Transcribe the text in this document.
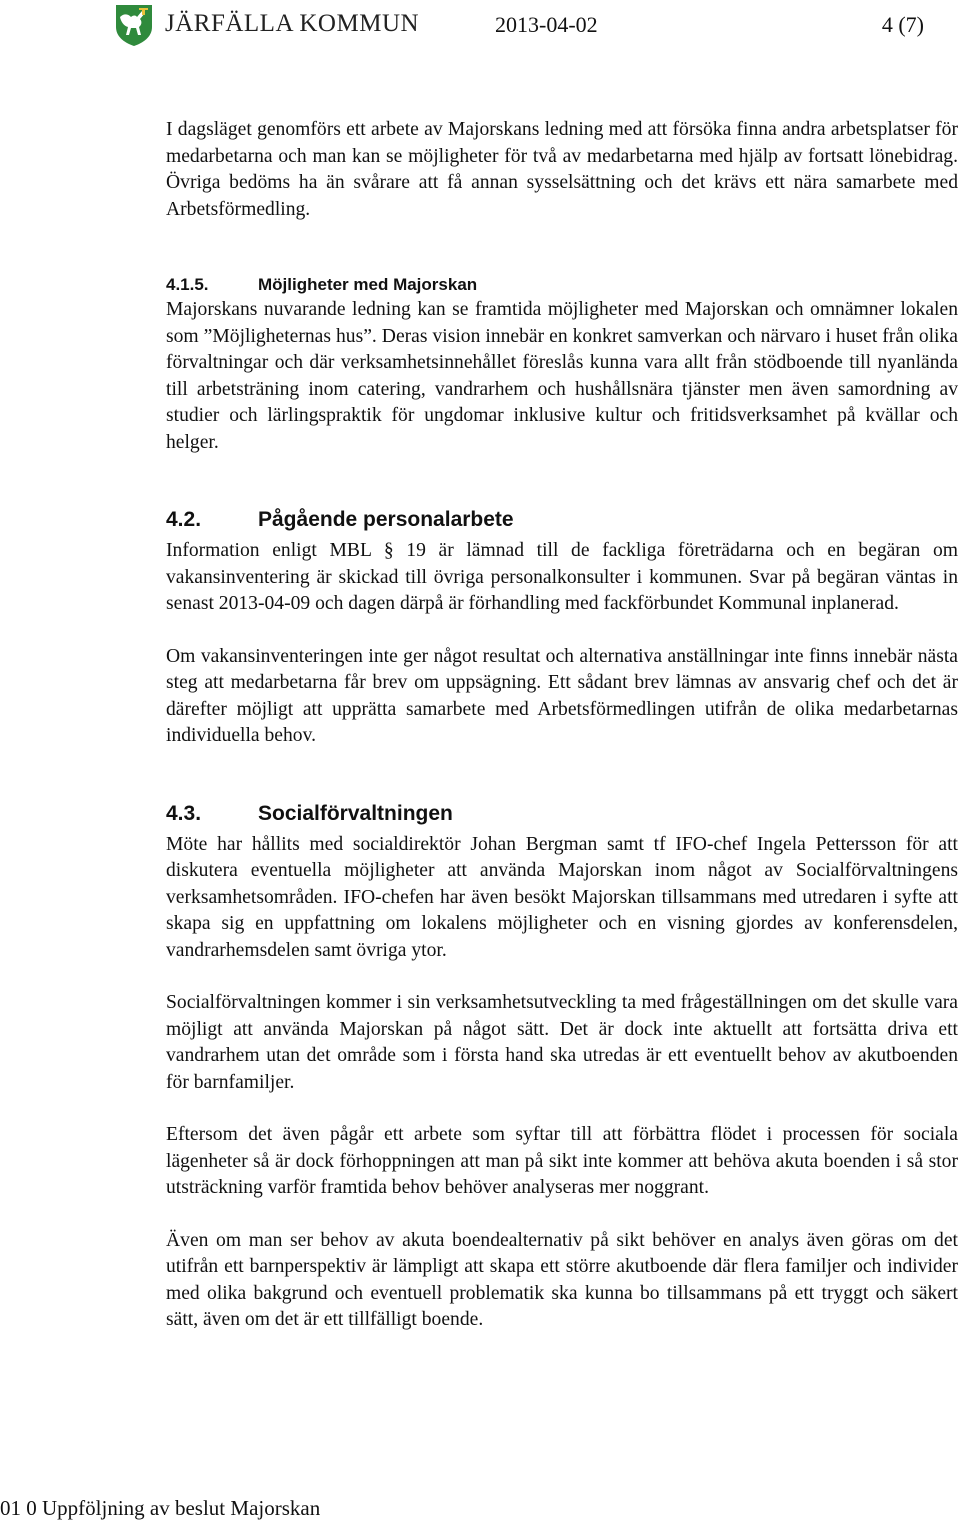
JÄRFÄLLA KOMMUN	2013-04-02	4 (7)

I dagsläget genomförs ett arbete av Majorskans ledning med att försöka finna andra arbetsplatser för medarbetarna och man kan se möjligheter för två av medarbetarna med hjälp av fortsatt lönebidrag. Övriga bedöms ha än svårare att få annan sysselsättning och det krävs ett nära samarbete med Arbetsförmedling.

4.1.5.	Möjligheter med Majorskan

Majorskans nuvarande ledning kan se framtida möjligheter med Majorskan och omnämner lokalen som ”Möjligheternas hus”. Deras vision innebär en konkret samverkan och närvaro i huset från olika förvaltningar och där verksamhetsinnehållet föreslås kunna vara allt från stödboende till nyanlända till arbetsträning inom catering, vandrarhem och hushållsnära tjänster men även samordning av studier och lärlingspraktik för ungdomar inklusive kultur och fritidsverksamhet på kvällar och helger.

4.2.	Pågående personalarbete

Information enligt MBL § 19 är lämnad till de fackliga företrädarna och en begäran om vakansinventering är skickad till övriga personalkonsulter i kommunen. Svar på begäran väntas in senast 2013-04-09 och dagen därpå är förhandling med fackförbundet Kommunal inplanerad.

Om vakansinventeringen inte ger något resultat och alternativa anställningar inte finns innebär nästa steg att medarbetarna får brev om uppsägning. Ett sådant brev lämnas av ansvarig chef och det är därefter möjligt att upprätta samarbete med Arbetsförmedlingen utifrån de olika medarbetarnas individuella behov.

4.3.	Socialförvaltningen

Möte har hållits med socialdirektör Johan Bergman samt tf IFO-chef Ingela Pettersson för att diskutera eventuella möjligheter att använda Majorskan inom något av Socialförvaltningens verksamhetsområden. IFO-chefen har även besökt Majorskan tillsammans med utredaren i syfte att skapa sig en uppfattning om lokalens möjligheter och en visning gjordes av konferensdelen, vandrarhemsdelen samt övriga ytor.

Socialförvaltningen kommer i sin verksamhetsutveckling ta med frågeställningen om det skulle vara möjligt att använda Majorskan på något sätt. Det är dock inte aktuellt att fortsätta driva ett vandrarhem utan det område som i första hand ska utredas är ett eventuellt behov av akutboenden för barnfamiljer.

Eftersom det även pågår ett arbete som syftar till att förbättra flödet i processen för sociala lägenheter så är dock förhoppningen att man på sikt inte kommer att behöva akuta boenden i så stor utsträckning varför framtida behov behöver analyseras mer noggrant.

Även om man ser behov av akuta boendealternativ på sikt behöver en analys även göras om det utifrån ett barnperspektiv är lämpligt att skapa ett större akutboende där flera familjer och individer med olika bakgrund och eventuell problematik ska kunna bo tillsammans på ett tryggt och säkert sätt, även om det är ett tillfälligt boende.

01 0 Uppföljning av beslut Majorskan
